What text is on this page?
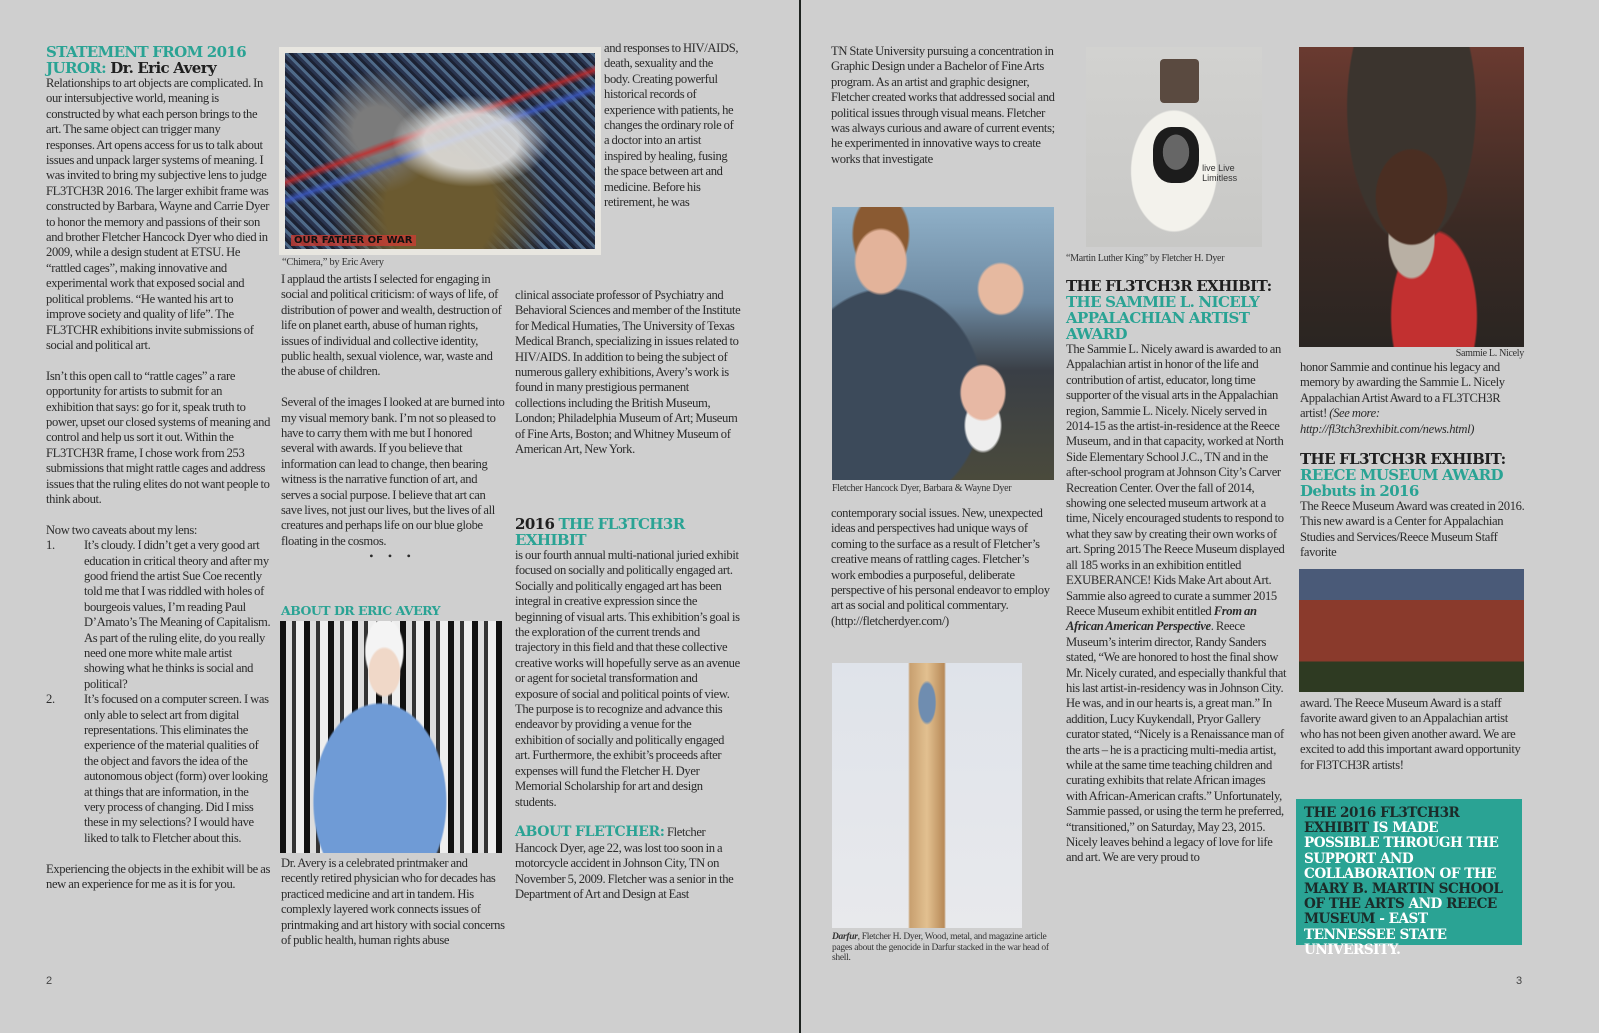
STATEMENT FROM 2016 JUROR: Dr. Eric Avery

Relationships to art objects are complicated. In our intersubjective world, meaning is constructed by what each person brings to the art. The same object can trigger many responses. Art opens access for us to talk about issues and unpack larger systems of meaning. I was invited to bring my subjective lens to judge FL3TCH3R 2016. The larger exhibit frame was constructed by Barbara, Wayne and Carrie Dyer to honor the memory and passions of their son and brother Fletcher Hancock Dyer who died in 2009, while a design student at ETSU. He “rattled cages”, making innovative and experimental work that exposed social and political problems. “He wanted his art to improve society and quality of life”. The FL3TCHR exhibitions invite submissions of social and political art.

Isn’t this open call to “rattle cages” a rare opportunity for artists to submit for an exhibition that says: go for it, speak truth to power, upset our closed systems of meaning and control and help us sort it out. Within the FL3TCH3R frame, I chose work from 253 submissions that might rattle cages and address issues that the ruling elites do not want people to think about.

Now two caveats about my lens:

1.	It’s cloudy. I didn’t get a very good art education in critical theory and after my good friend the artist Sue Coe recently told me that I was riddled with holes of bourgeois values, I’m reading Paul D’Amato’s The Meaning of Capitalism. As part of the ruling elite, do you really need one more white male artist showing what he thinks is social and political?
2.	It’s focused on a computer screen. I was only able to select art from digital representations. This eliminates the experience of the material qualities of the object and favors the idea of the autonomous object (form) over looking at things that are information, in the very process of changing. Did I miss these in my selections? I would have liked to talk to Fletcher about this.

Experiencing the objects in the exhibit will be as new an experience for me as it is for you.

OUR FATHER OF WAR
“Chimera,” by Eric Avery

I applaud the artists I selected for engaging in social and political criticism: of ways of life, of distribution of power and wealth, destruction of life on planet earth, abuse of human rights, issues of individual and collective identity, public health, sexual violence, war, waste and the abuse of children.

Several of the images I looked at are burned into my visual memory bank. I’m not so pleased to have to carry them with me but I honored several with awards. If you believe that information can lead to change, then bearing witness is the narrative function of art, and serves a social purpose. I believe that art can save lives, not just our lives, but the lives of all creatures and perhaps life on our blue globe floating in the cosmos.

• • •

ABOUT DR ERIC AVERY

Dr. Avery is a celebrated printmaker and recently retired physician who for decades has practiced medicine and art in tandem. His complexly layered work connects issues of printmaking and art history with social concerns of public health, human rights abuse

and responses to HIV/AIDS, death, sexuality and the body. Creating powerful historical records of experience with patients, he changes the ordinary role of a doctor into an artist inspired by healing, fusing the space between art and medicine. Before his retirement, he was

clinical associate professor of Psychiatry and Behavioral Sciences and member of the Institute for Medical Humaties, The University of Texas Medical Branch, specializing in issues related to HIV/AIDS. In addition to being the subject of numerous gallery exhibitions, Avery’s work is found in many prestigious permanent collections including the British Museum, London; Philadelphia Museum of Art; Museum of Fine Arts, Boston; and Whitney Museum of American Art, New York.

2016 THE FL3TCH3R EXHIBIT

is our fourth annual multi-national juried exhibit focused on socially and politically engaged art. Socially and politically engaged art has been integral in creative expression since the beginning of visual arts. This exhibition’s goal is the exploration of the current trends and trajectory in this field and that these collective creative works will hopefully serve as an avenue or agent for societal transformation and exposure of social and political points of view. The purpose is to recognize and advance this endeavor by providing a venue for the exhibition of socially and politically engaged art. Furthermore, the exhibit’s proceeds after expenses will fund the Fletcher H. Dyer Memorial Scholarship for art and design students.

ABOUT FLETCHER: Fletcher Hancock Dyer, age 22, was lost too soon in a motorcycle accident in Johnson City, TN on November 5, 2009. Fletcher was a senior in the Department of Art and Design at East

2

TN State University pursuing a concentration in Graphic Design under a Bachelor of Fine Arts program. As an artist and graphic designer, Fletcher created works that addressed social and political issues through visual means. Fletcher was always curious and aware of current events; he experimented in innovative ways to create works that investigate

Fletcher Hancock Dyer, Barbara & Wayne Dyer

contemporary social issues. New, unexpected ideas and perspectives had unique ways of coming to the surface as a result of Fletcher’s creative means of rattling cages. Fletcher’s work embodies a purposeful, deliberate perspective of his personal endeavor to employ art as social and political commentary. (http://fletcherdyer.com/)

Darfur, Fletcher H. Dyer, Wood, metal, and magazine article pages about the genocide in Darfur stacked in the war head of shell.
live Live Limitless
“Martin Luther King” by Fletcher H. Dyer
THE FL3TCH3R EXHIBIT:
THE SAMMIE L. NICELY APPALACHIAN ARTIST AWARD

The Sammie L. Nicely award is awarded to an Appalachian artist in honor of the life and contribution of artist, educator, long time supporter of the visual arts in the Appalachian region, Sammie L. Nicely. Nicely served in 2014-15 as the artist-in-residence at the Reece Museum, and in that capacity, worked at North Side Elementary School J.C., TN and in the after-school program at Johnson City’s Carver Recreation Center. Over the fall of 2014, showing one selected museum artwork at a time, Nicely encouraged students to respond to what they saw by creating their own works of art. Spring 2015 The Reece Museum displayed all 185 works in an exhibition entitled EXUBERANCE! Kids Make Art about Art. Sammie also agreed to curate a summer 2015 Reece Museum exhibit entitled From an African American Perspective. Reece Museum’s interim director, Randy Sanders stated, “We are honored to host the final show Mr. Nicely curated, and especially thankful that his last artist-in-residency was in Johnson City. He was, and in our hearts is, a great man.” In addition, Lucy Kuykendall, Pryor Gallery curator stated, “Nicely is a Renaissance man of the arts – he is a practicing multi-media artist, while at the same time teaching children and curating exhibits that relate African images with African-American crafts.” Unfortunately, Sammie passed, or using the term he preferred, “transitioned,” on Saturday, May 23, 2015. Nicely leaves behind a legacy of love for life and art. We are very proud to

Sammie L. Nicely

honor Sammie and continue his legacy and memory by awarding the Sammie L. Nicely Appalachian Artist Award to a FL3TCH3R artist! (See more: http://fl3tch3rexhibit.com/news.html)

THE FL3TCH3R EXHIBIT:
REECE MUSEUM AWARD
Debuts in 2016

The Reece Museum Award was created in 2016. This new award is a Center for Appalachian Studies and Services/Reece Museum Staff favorite

award. The Reece Museum Award is a staff favorite award given to an Appalachian artist who has not been given another award. We are excited to add this important award opportunity for Fl3TCH3R artists!

THE 2016 FL3TCH3R EXHIBIT IS MADE POSSIBLE THROUGH THE SUPPORT AND COLLABORATION OF THE MARY B. MARTIN SCHOOL OF THE ARTS AND REECE MUSEUM - EAST TENNESSEE STATE UNIVERSITY.
3
